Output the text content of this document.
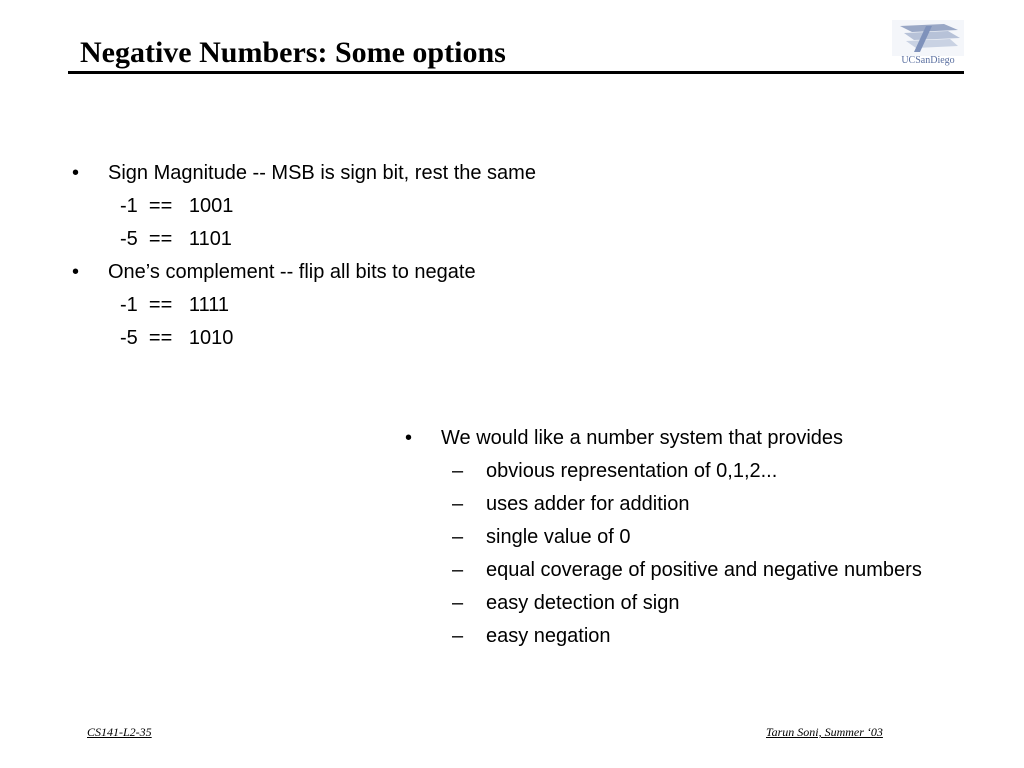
Negative Numbers: Some options	UCSanDiego
• Sign Magnitude -- MSB is sign bit, rest the same
-1  ==   1001
-5  ==   1101
• One’s complement -- flip all bits to negate
-1  ==   1111
-5  ==   1010
• We would like a number system that provides
– obvious representation of 0,1,2...
– uses adder for addition
– single value of 0
– equal coverage of positive and negative numbers
– easy detection of sign
– easy negation
CS141-L2-35	Tarun Soni, Summer ‘03
